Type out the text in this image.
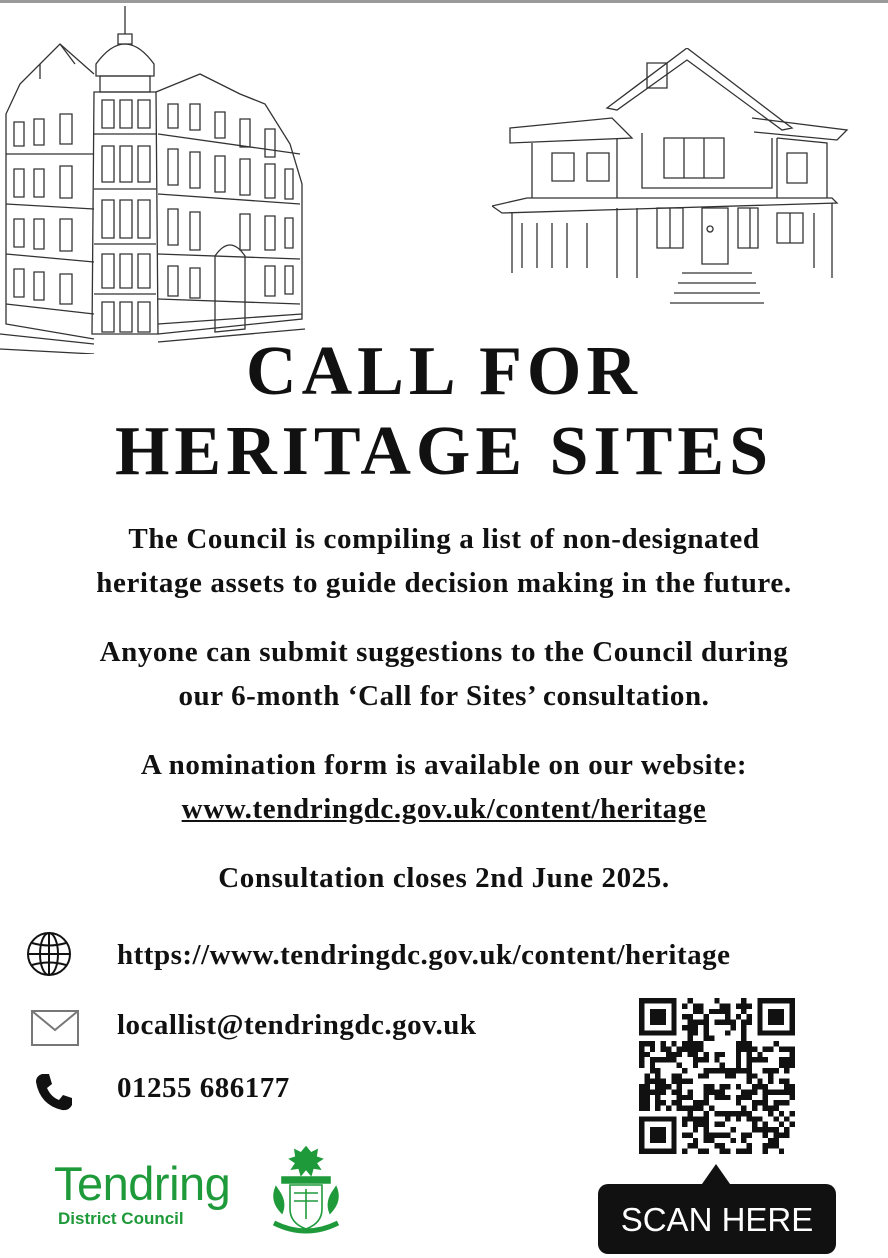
CALL FOR
HERITAGE SITES

The Council is compiling a list of non-designated
heritage assets to guide decision making in the future.

Anyone can submit suggestions to the Council during
our 6-month ‘Call for Sites’ consultation.

A nomination form is available on our website:
www.tendringdc.gov.uk/content/heritage

Consultation closes 2nd June 2025.

https://www.tendringdc.gov.uk/content/heritage
locallist@tendringdc.gov.uk
01255 686177
SCAN HERE
Tendring
District Council
